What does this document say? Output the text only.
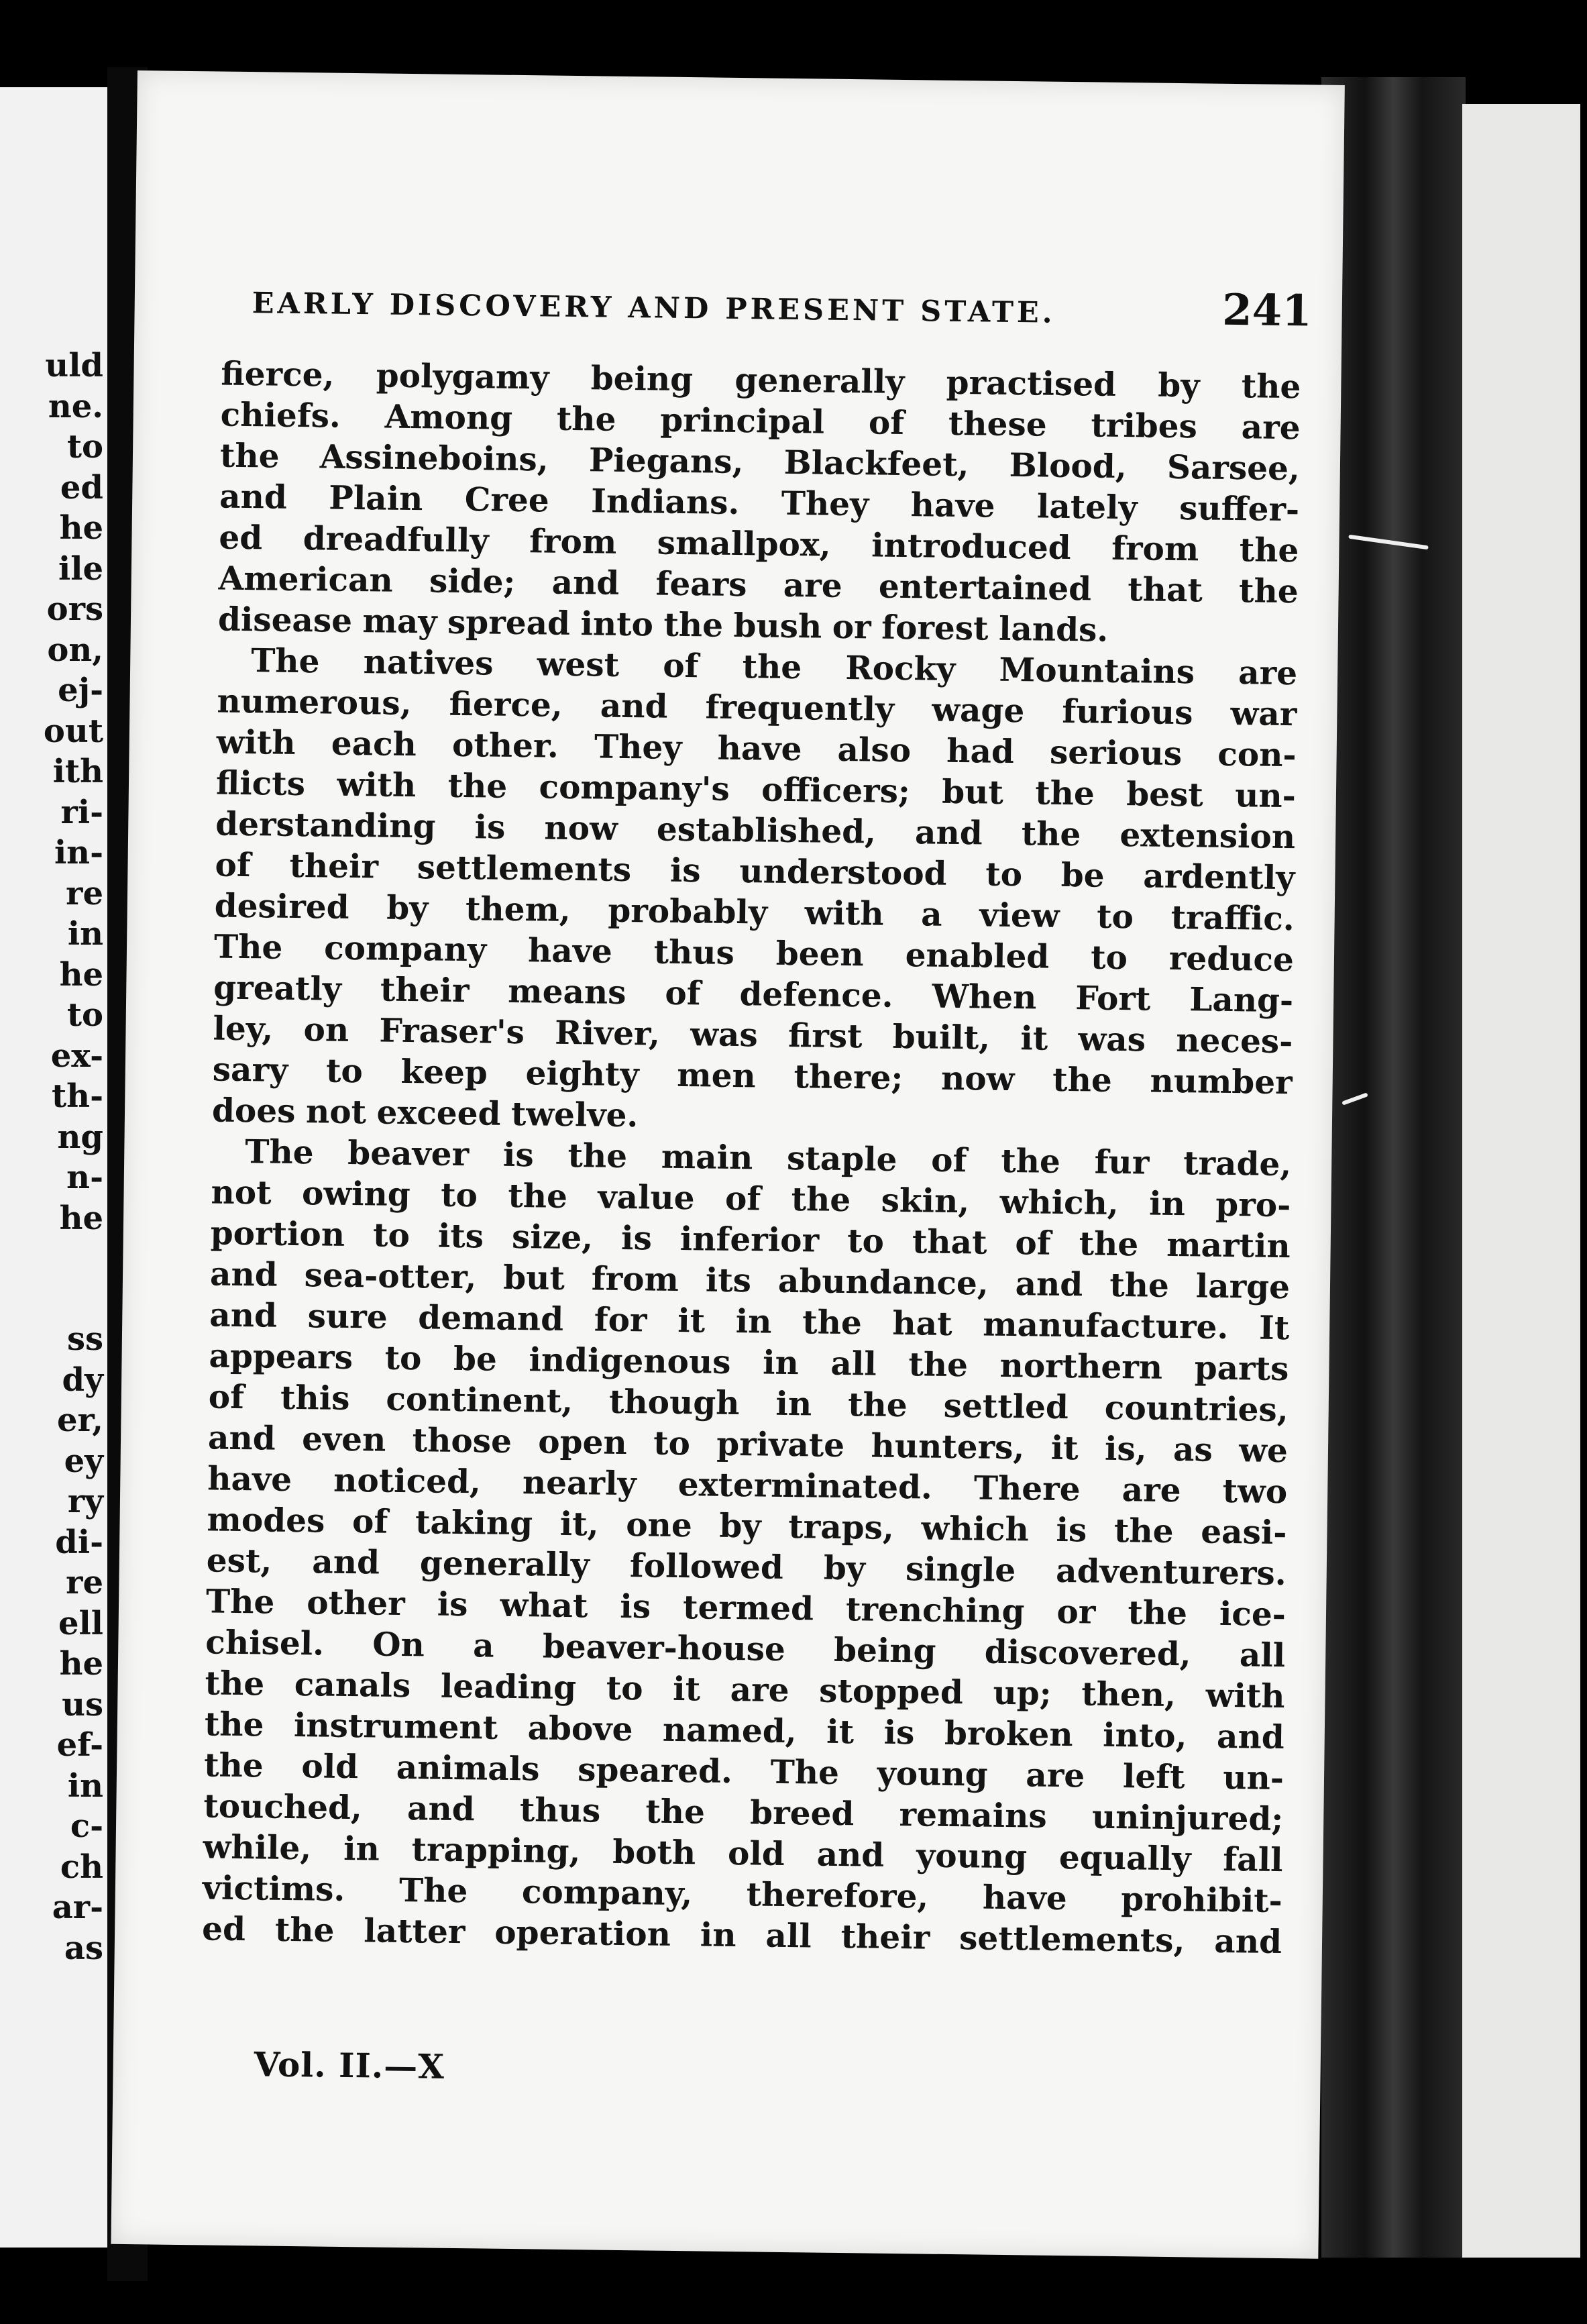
uld
ne.
to
ed
he
ile
ors
on,
ej-
out
ith
ri-
in-
re
in
he
to
ex-
th-
ng
n-
he
ss
dy
er,
ey
ry
di-
re
ell
he
us
ef-
in
c-
ch
ar-
as
EARLY DISCOVERY AND PRESENT STATE.	241
fierce, polygamy being generally practised by the
chiefs. Among the principal of these tribes are
the Assineboins, Piegans, Blackfeet, Blood, Sarsee,
and Plain Cree Indians. They have lately suffer-
ed dreadfully from smallpox, introduced from the
American side; and fears are entertained that the
disease may spread into the bush or forest lands.
The natives west of the Rocky Mountains are
numerous, fierce, and frequently wage furious war
with each other. They have also had serious con-
flicts with the company's officers; but the best un-
derstanding is now established, and the extension
of their settlements is understood to be ardently
desired by them, probably with a view to traffic.
The company have thus been enabled to reduce
greatly their means of defence. When Fort Lang-
ley, on Fraser's River, was first built, it was neces-
sary to keep eighty men there; now the number
does not exceed twelve.
The beaver is the main staple of the fur trade,
not owing to the value of the skin, which, in pro-
portion to its size, is inferior to that of the martin
and sea-otter, but from its abundance, and the large
and sure demand for it in the hat manufacture. It
appears to be indigenous in all the northern parts
of this continent, though in the settled countries,
and even those open to private hunters, it is, as we
have noticed, nearly exterminated. There are two
modes of taking it, one by traps, which is the easi-
est, and generally followed by single adventurers.
The other is what is termed trenching or the ice-
chisel. On a beaver-house being discovered, all
the canals leading to it are stopped up; then, with
the instrument above named, it is broken into, and
the old animals speared. The young are left un-
touched, and thus the breed remains uninjured;
while, in trapping, both old and young equally fall
victims. The company, therefore, have prohibit-
ed the latter operation in all their settlements, and
Vol. II.—X
